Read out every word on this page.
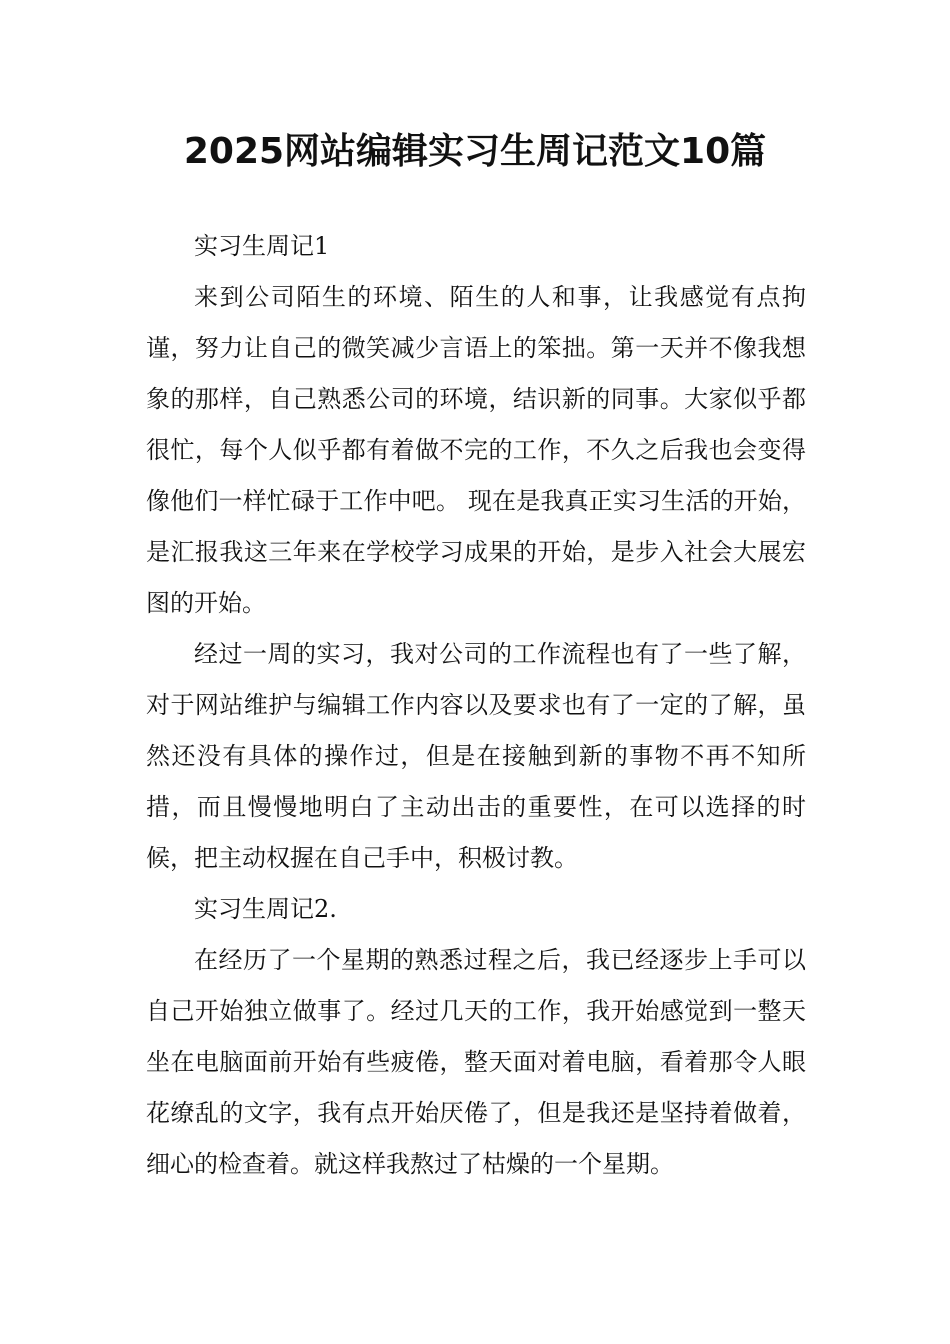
2025网站编辑实习生周记范文10篇

实习生周记1

来到公司陌生的环境、陌生的人和事，让我感觉有点拘谨，努力让自己的微笑减少言语上的笨拙。第一天并不像我想象的那样，自己熟悉公司的环境，结识新的同事。大家似乎都很忙，每个人似乎都有着做不完的工作，不久之后我也会变得像他们一样忙碌于工作中吧。 现在是我真正实习生活的开始，是汇报我这三年来在学校学习成果的开始，是步入社会大展宏图的开始。

经过一周的实习，我对公司的工作流程也有了一些了解，对于网站维护与编辑工作内容以及要求也有了一定的了解，虽然还没有具体的操作过，但是在接触到新的事物不再不知所措，而且慢慢地明白了主动出击的重要性，在可以选择的时候，把主动权握在自己手中，积极讨教。

实习生周记2.

在经历了一个星期的熟悉过程之后，我已经逐步上手可以自己开始独立做事了。经过几天的工作，我开始感觉到一整天坐在电脑面前开始有些疲倦，整天面对着电脑，看着那令人眼花缭乱的文字，我有点开始厌倦了，但是我还是坚持着做着，细心的检查着。就这样我熬过了枯燥的一个星期。
